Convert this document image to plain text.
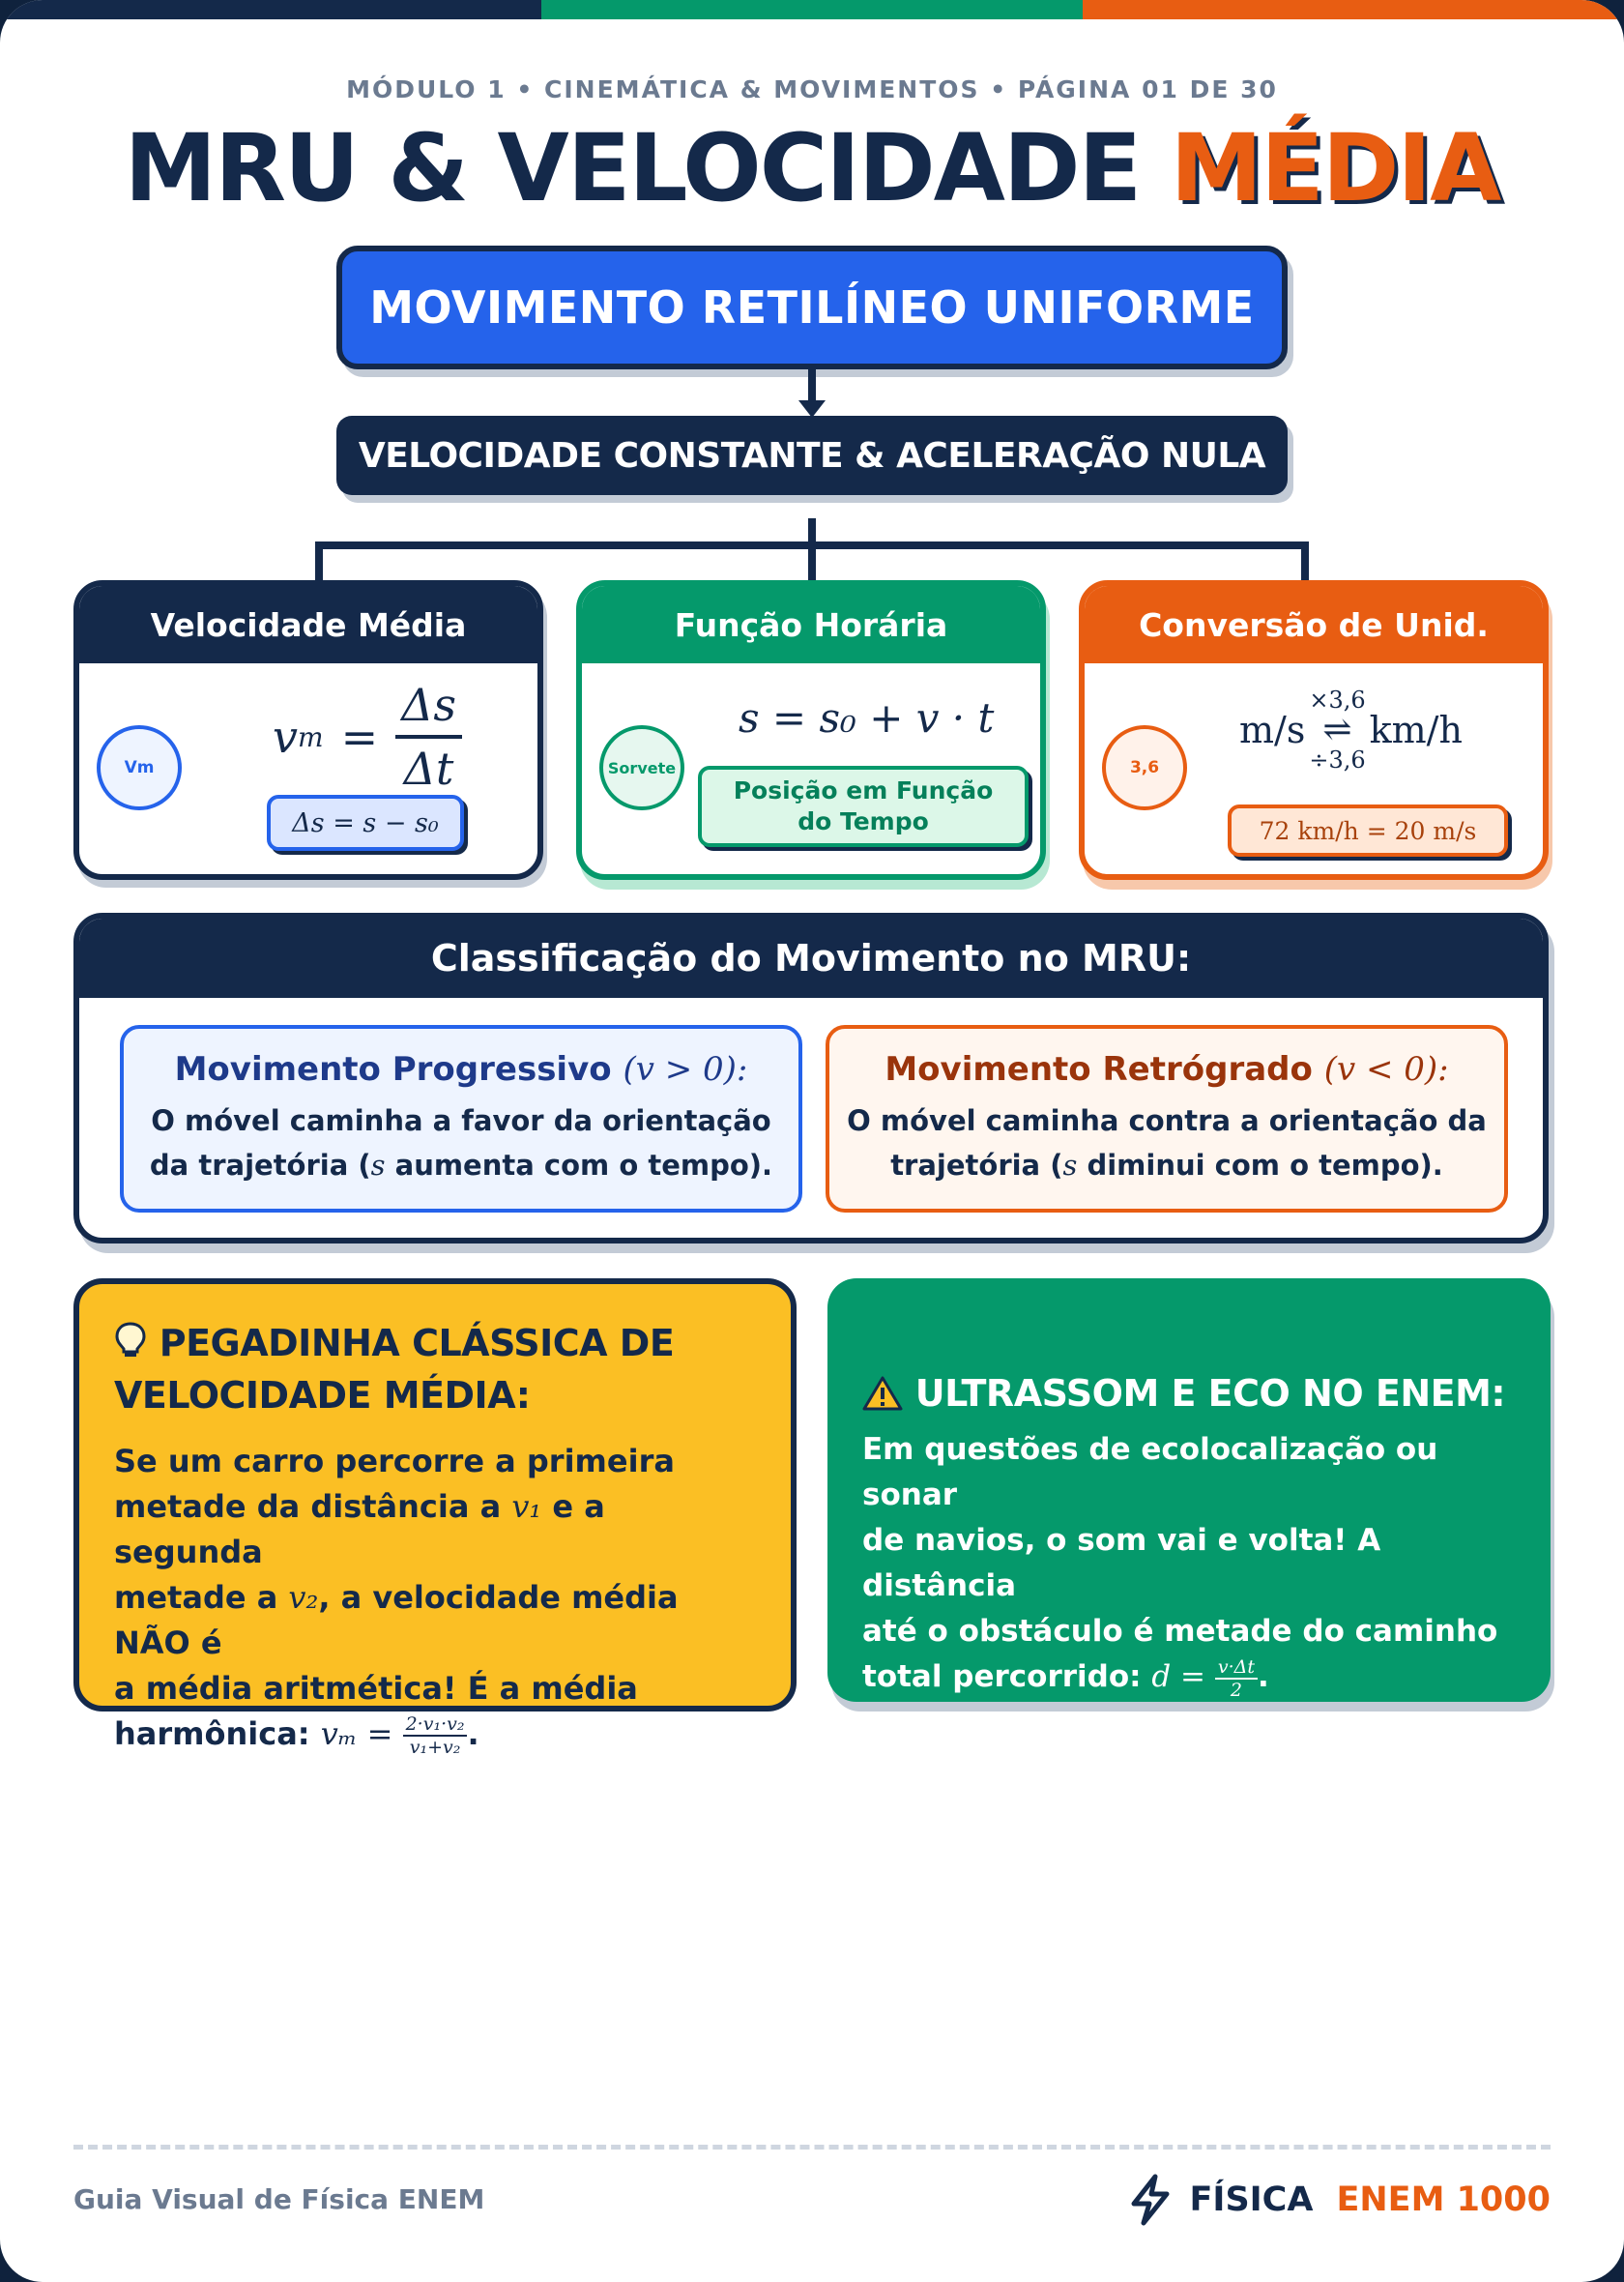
MÓDULO 1 • CINEMÁTICA & MOVIMENTOS • PÁGINA 01 DE 30
MRU & VELOCIDADE MÉDIA
MOVIMENTO RETILÍNEO UNIFORME
VELOCIDADE CONSTANTE & ACELERAÇÃO NULA
Velocidade Média
Vm
v $m = \frac{\Delta s}{\Delta t}$
Δs = s − s₀
Função Horária
Sorvete
s = s₀ + v · t
Posição em Função do Tempo
Conversão de Unid.
3,6
m/s
×3,6
⇌
÷3,6
km/h
72 km/h = 20 m/s
Classificação do Movimento no MRU:
Movimento Progressivo (v > 0):
O móvel caminha a favor da orientação
da trajetória (s aumenta com o tempo).
Movimento Retrógrado (v < 0):
O móvel caminha contra a orientação da
trajetória (s diminui com o tempo).
PEGADINHA CLÁSSICA DE
VELOCIDADE MÉDIA:
Se um carro percorre a primeira
metade da distância a v₁ e a segunda
metade a v₂, a velocidade média NÃO é
a média aritmética! É a média
harmônica: $v_m = \frac{\text{2·v₁·v₂}}{\text{v₁+v₂}}$ .
ULTRASSOM E ECO NO ENEM:
Em questões de ecolocalização ou sonar
de navios, o som vai e volta! A distância
até o obstáculo é metade do caminho
total percorrido: $d = \frac{v\cdot\Delta t}{2}$ .
Guia Visual de Física ENEM	FÍSICA ENEM 1000
